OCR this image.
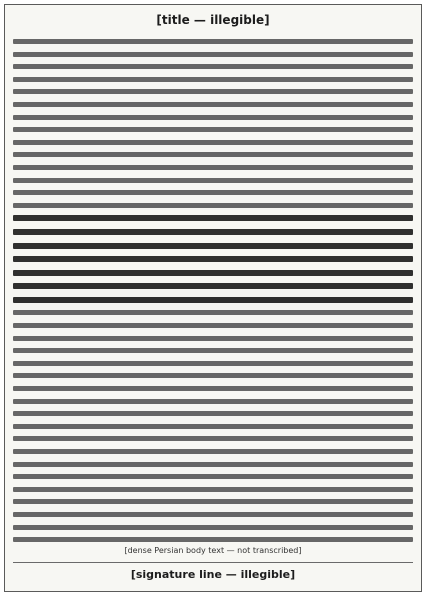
[title — illegible]
[dense Persian body text — not transcribed]
[signature line — illegible]
